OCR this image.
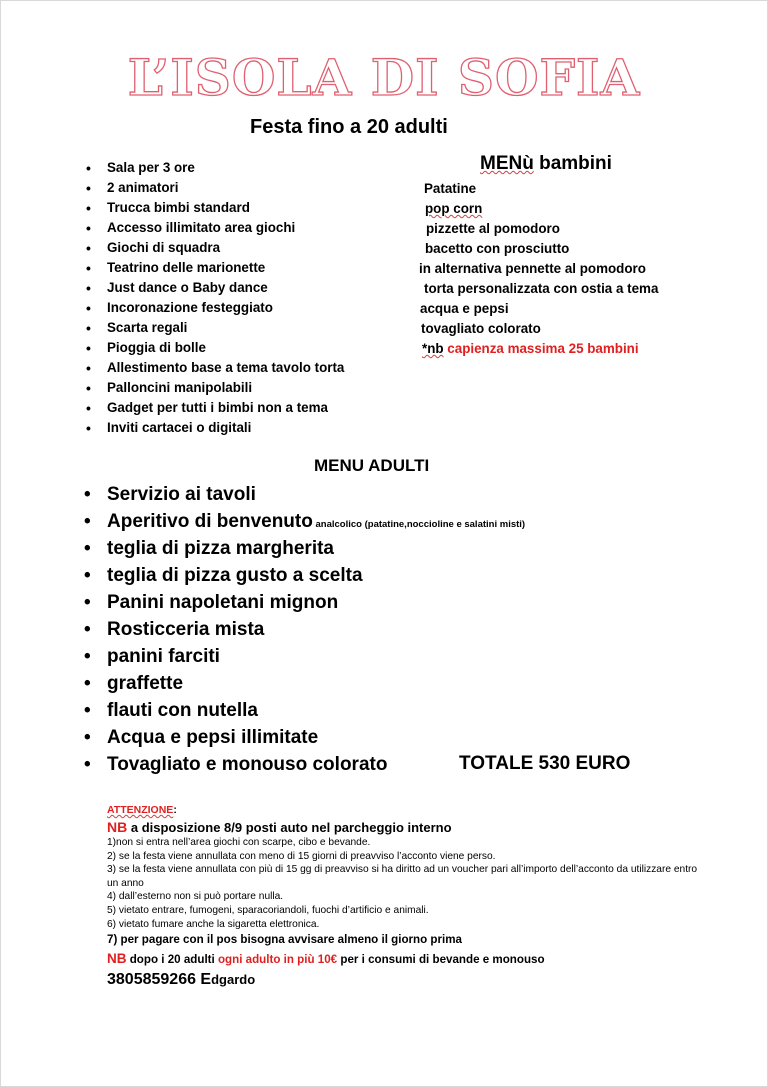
L’ISOLA DI SOFIA
Festa fino a 20 adulti
• Sala per 3 ore
• 2 animatori
• Trucca bimbi standard
• Accesso illimitato area giochi
• Giochi di squadra
• Teatrino delle marionette
• Just dance o Baby dance
• Incoronazione festeggiato
• Scarta regali
• Pioggia di bolle
• Allestimento base a tema tavolo torta
• Palloncini manipolabili
• Gadget per tutti i bimbi non a tema
• Inviti cartacei o digitali
MENù bambini
Patatine
pop corn
pizzette al pomodoro
bacetto con prosciutto
in alternativa pennette al pomodoro
torta personalizzata con ostia a tema
acqua e pepsi
tovagliato colorato
*nb capienza massima 25 bambini
MENU ADULTI
• Servizio ai tavoli
• Aperitivo di benvenuto analcolico (patatine,noccioline e salatini misti)
• teglia di pizza margherita
• teglia di pizza gusto a scelta
• Panini napoletani mignon
• Rosticceria mista
• panini farciti
• graffette
• flauti con nutella
• Acqua e pepsi illimitate
• Tovagliato e monouso colorato	TOTALE 530 EURO
ATTENZIONE:
NB a disposizione 8/9 posti auto nel parcheggio interno
1)non si entra nell’area giochi con scarpe, cibo e bevande.
2) se la festa viene annullata con meno di 15 giorni di preavviso l’acconto viene perso.
3) se la festa viene annullata con più di 15 gg di preavviso si ha diritto ad un voucher pari all’importo dell’acconto da utilizzare entro un anno
4) dall’esterno non si può portare nulla.
5) vietato entrare, fumogeni, sparacoriandoli, fuochi d’artificio e animali.
6) vietato fumare anche la sigaretta elettronica.
7) per pagare con il pos bisogna avvisare almeno il giorno prima
NB dopo i 20 adulti ogni adulto in più 10€ per i consumi di bevande e monouso
3805859266 Edgardo
